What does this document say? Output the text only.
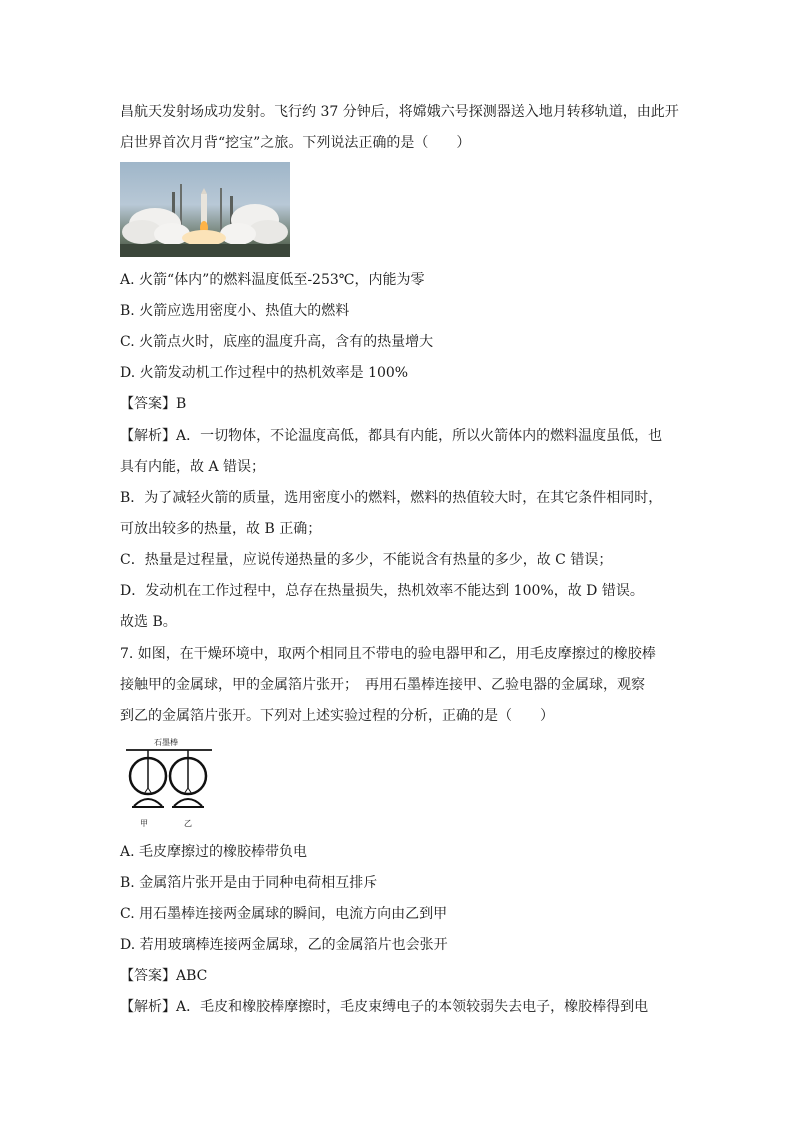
昌航天发射场成功发射。飞行约 37 分钟后，将嫦娥六号探测器送入地月转移轨道，由此开
启世界首次月背“挖宝”之旅。下列说法正确的是（　　）
A. 火箭“体内”的燃料温度低至-253℃，内能为零
B. 火箭应选用密度小、热值大的燃料
C. 火箭点火时，底座的温度升高，含有的热量增大
D. 火箭发动机工作过程中的热机效率是 100%
【答案】B
【解析】A．一切物体，不论温度高低，都具有内能，所以火箭体内的燃料温度虽低，也
具有内能，故 A 错误；
B．为了减轻火箭的质量，选用密度小的燃料，燃料的热值较大时，在其它条件相同时，
可放出较多的热量，故 B 正确；
C．热量是过程量，应说传递热量的多少，不能说含有热量的多少，故 C 错误；
D．发动机在工作过程中，总存在热量损失，热机效率不能达到 100%，故 D 错误。
故选 B。
7. 如图，在干燥环境中，取两个相同且不带电的验电器甲和乙，用毛皮摩擦过的橡胶棒
接触甲的金属球，甲的金属箔片张开；　再用石墨棒连接甲、乙验电器的金属球，观察
到乙的金属箔片张开。下列对上述实验过程的分析，正确的是（　　）
石墨棒
甲	乙
A. 毛皮摩擦过的橡胶棒带负电
B. 金属箔片张开是由于同种电荷相互排斥
C. 用石墨棒连接两金属球的瞬间，电流方向由乙到甲
D. 若用玻璃棒连接两金属球，乙的金属箔片也会张开
【答案】ABC
【解析】A．毛皮和橡胶棒摩擦时，毛皮束缚电子的本领较弱失去电子，橡胶棒得到电
